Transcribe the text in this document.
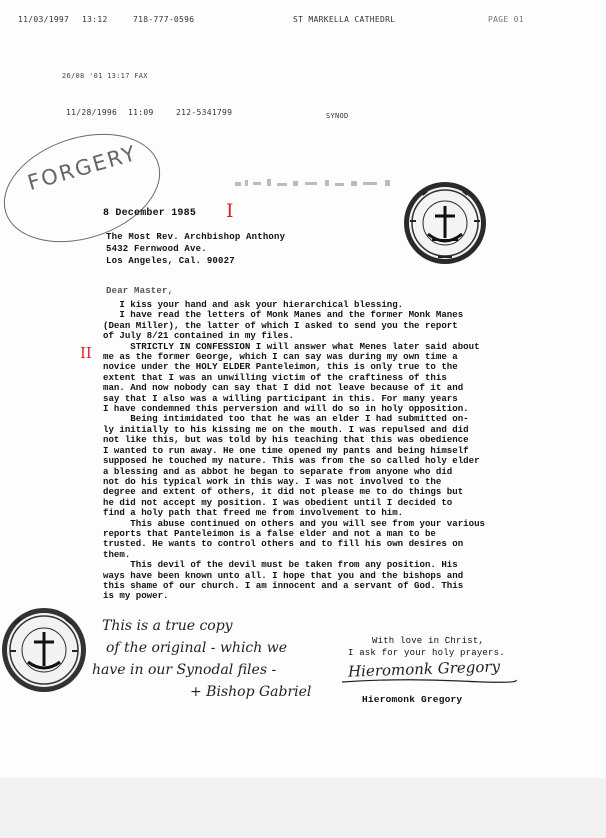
11/03/1997 13:12	718-777-0596	ST MARKELLA CATHEDRL	PAGE 01
26/08 '01 13:17 FAX
11/28/1996 11:09	212-5341799	SYNOD
FORGERY
8 December 1985 I
The Most Rev. Archbishop Anthony
5432 Fernwood Ave.
Los Angeles, Cal. 90027
Dear Master,

I kiss your hand and ask your hierarchical blessing.

I have read the letters of Monk Manes and the former Monk Manes

(Dean Miller), the latter of which I asked to send you the report

of July 8/21 contained in my files.

STRICTLY IN CONFESSION I will answer what Menes later said about

me as the former George, which I can say was during my own time a

novice under the HOLY ELDER Panteleimon, this is only true to the

extent that I was an unwilling victim of the craftiness of this

man. And now nobody can say that I did not leave because of it and

say that I also was a willing participant in this. For many years

I have condemned this perversion and will do so in holy opposition.

Being intimidated too that he was an elder I had submitted on-

ly initially to his kissing me on the mouth. I was repulsed and did

not like this, but was told by his teaching that this was obedience

I wanted to run away. He one time opened my pants and being himself

supposed he touched my nature. This was from the so called holy elder

a blessing and as abbot he began to separate from anyone who did

not do his typical work in this way. I was not involved to the

degree and extent of others, it did not please me to do things but

he did not accept my position. I was obedient until I decided to

find a holy path that freed me from involvement to him.

This abuse continued on others and you will see from your various

reports that Panteleimon is a false elder and not a man to be

trusted. He wants to control others and to fill his own desires on

them.

This devil of the devil must be taken from any position. His

ways have been known unto all. I hope that you and the bishops and

this shame of our church. I am innocent and a servant of God. This

is my power.

II
With love in Christ,
I ask for your holy prayers.
Hieromonk Gregory
Hieromonk Gregory
This is a true copy
of the original - which we
have in our Synodal files -
+ Bishop Gabriel
